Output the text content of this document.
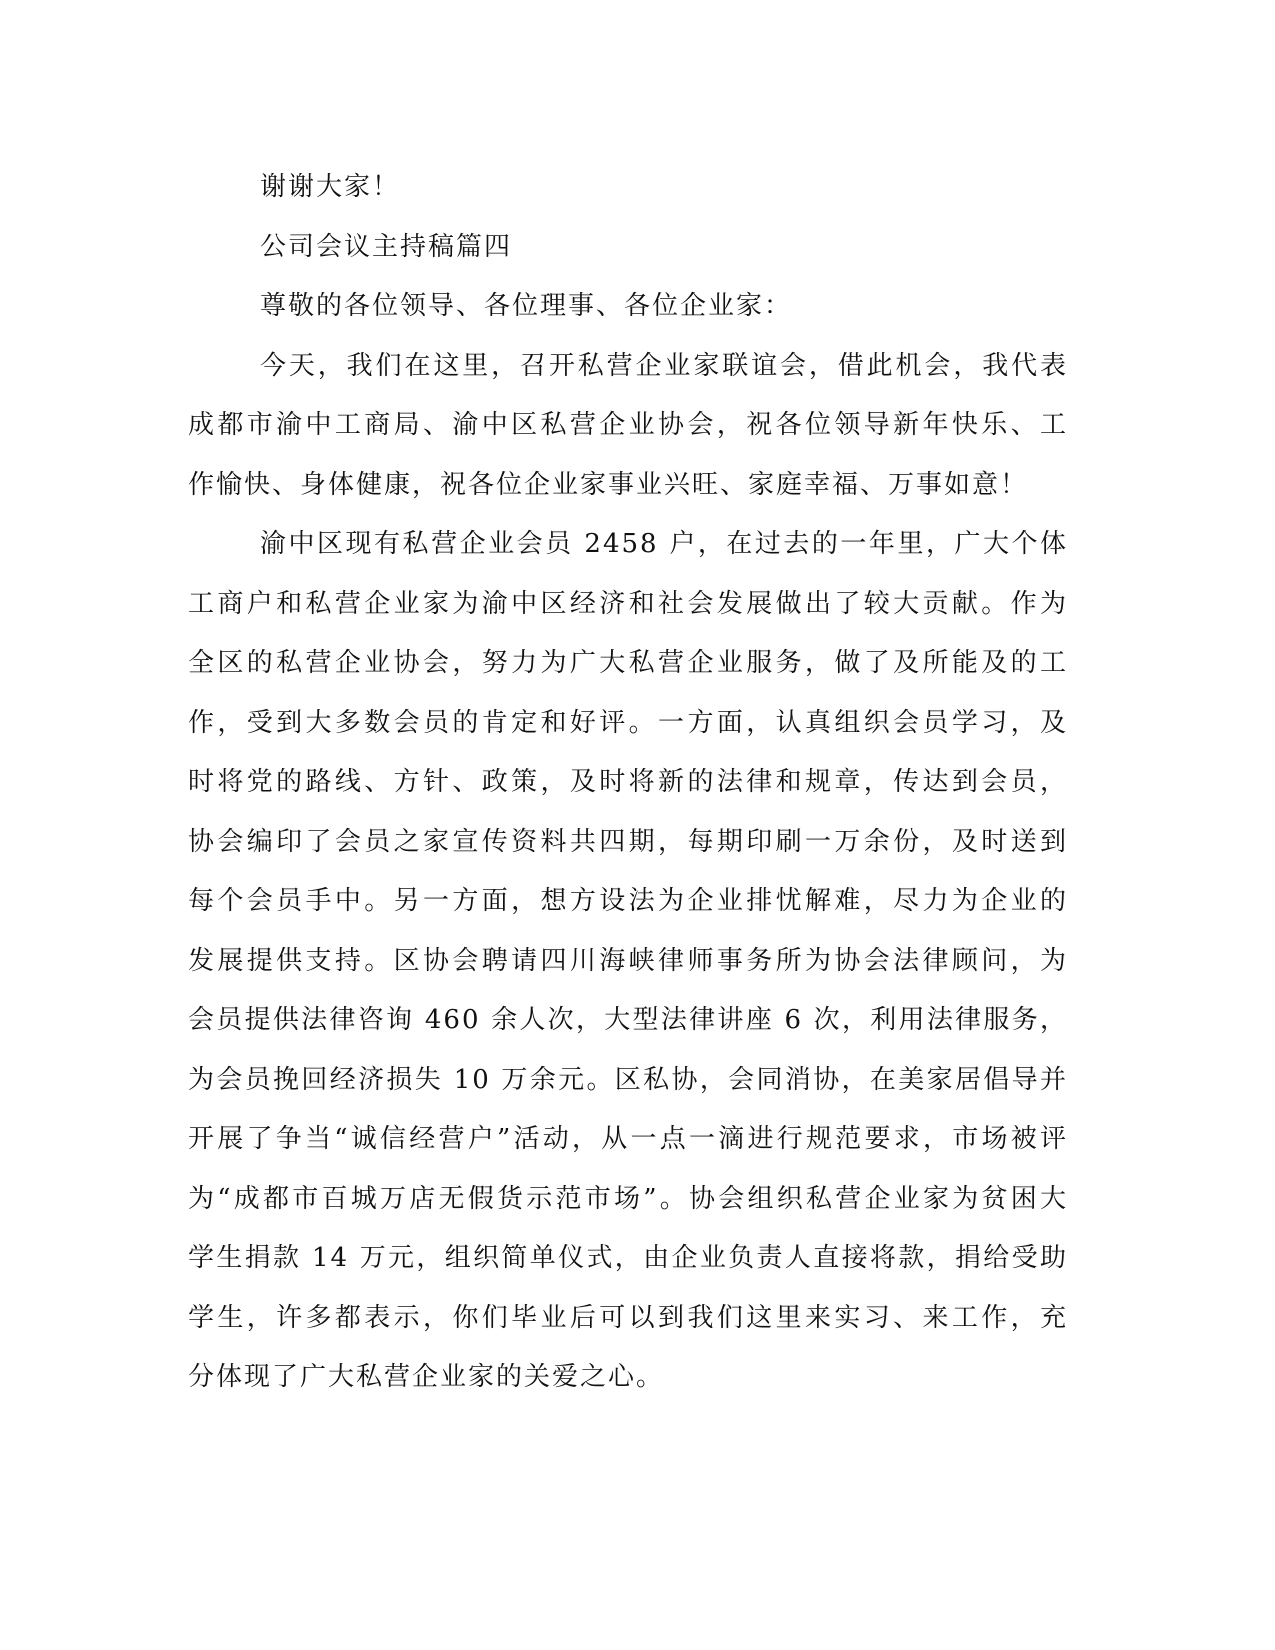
谢谢大家！
公司会议主持稿篇四
尊敬的各位领导、各位理事、各位企业家：
今天，我们在这里，召开私营企业家联谊会，借此机会，我代表
成都市渝中工商局、渝中区私营企业协会，祝各位领导新年快乐、工
作愉快、身体健康，祝各位企业家事业兴旺、家庭幸福、万事如意！
渝中区现有私营企业会员 2458 户，在过去的一年里，广大个体
工商户和私营企业家为渝中区经济和社会发展做出了较大贡献。作为
全区的私营企业协会，努力为广大私营企业服务，做了及所能及的工
作，受到大多数会员的肯定和好评。一方面，认真组织会员学习，及
时将党的路线、方针、政策，及时将新的法律和规章，传达到会员，
协会编印了会员之家宣传资料共四期，每期印刷一万余份，及时送到
每个会员手中。另一方面，想方设法为企业排忧解难，尽力为企业的
发展提供支持。区协会聘请四川海峡律师事务所为协会法律顾问，为
会员提供法律咨询 460 余人次，大型法律讲座 6 次，利用法律服务，
为会员挽回经济损失 10 万余元。区私协，会同消协，在美家居倡导并
开展了争当“诚信经营户”活动，从一点一滴进行规范要求，市场被评
为“成都市百城万店无假货示范市场”。协会组织私营企业家为贫困大
学生捐款 14 万元，组织简单仪式，由企业负责人直接将款，捐给受助
学生，许多都表示，你们毕业后可以到我们这里来实习、来工作，充
分体现了广大私营企业家的关爱之心。
